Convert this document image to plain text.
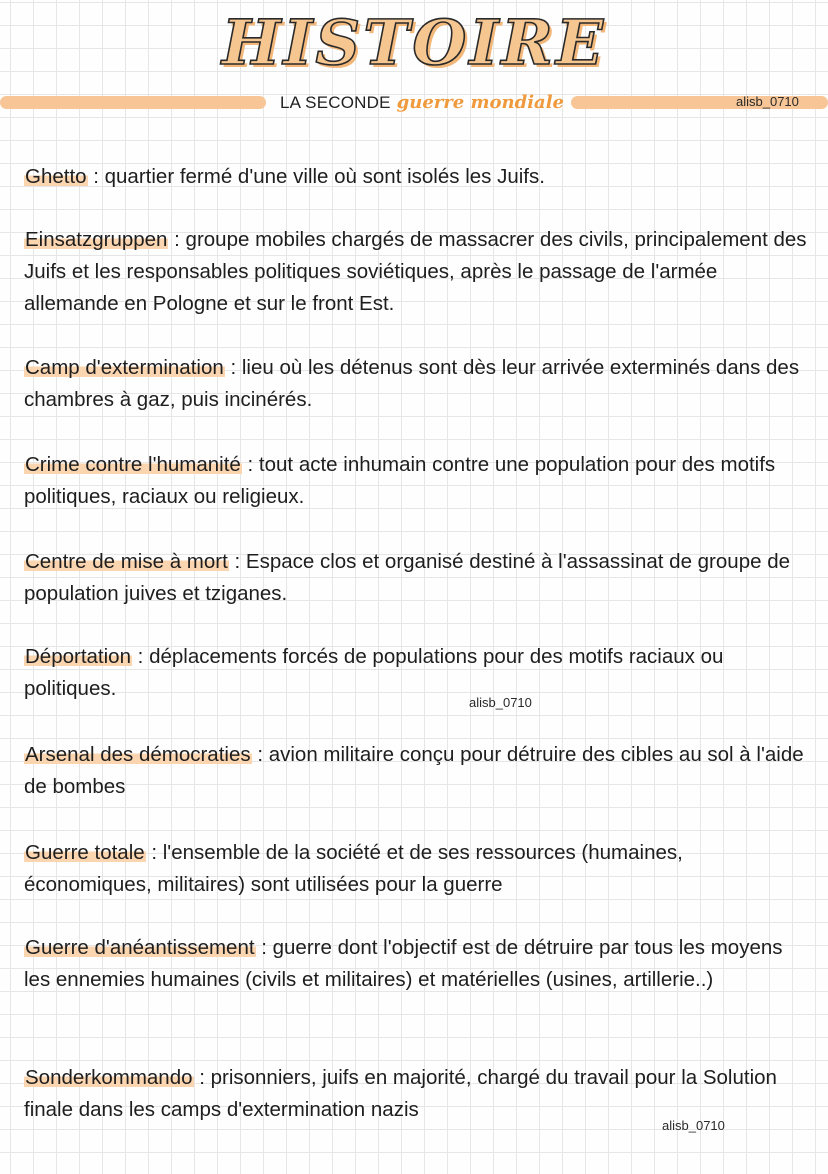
HISTOIRE
LA SECONDE guerre mondiale	alisb_0710
Ghetto : quartier fermé d'une ville où sont isolés les Juifs.
Einsatzgruppen : groupe mobiles chargés de massacrer des civils, principalement des Juifs et les responsables politiques soviétiques, après le passage de l'armée allemande en Pologne et sur le front Est.
Camp d'extermination : lieu où les détenus sont dès leur arrivée exterminés dans des chambres à gaz, puis incinérés.
Crime contre l'humanité : tout acte inhumain contre une population pour des motifs politiques, raciaux ou religieux.
Centre de mise à mort : Espace clos et organisé destiné à l'assassinat de groupe de population juives et tziganes.
Déportation : déplacements forcés de populations pour des motifs raciaux ou politiques.
alisb_0710
Arsenal des démocraties : avion militaire conçu pour détruire des cibles au sol à l'aide de bombes
Guerre totale : l'ensemble de la société et de ses ressources (humaines, économiques, militaires) sont utilisées pour la guerre
Guerre d'anéantissement : guerre dont l'objectif est de détruire par tous les moyens les ennemies humaines (civils et militaires) et matérielles (usines, artillerie..)
Sonderkommando : prisonniers, juifs en majorité, chargé du travail pour la Solution finale dans les camps d'extermination nazis
alisb_0710
